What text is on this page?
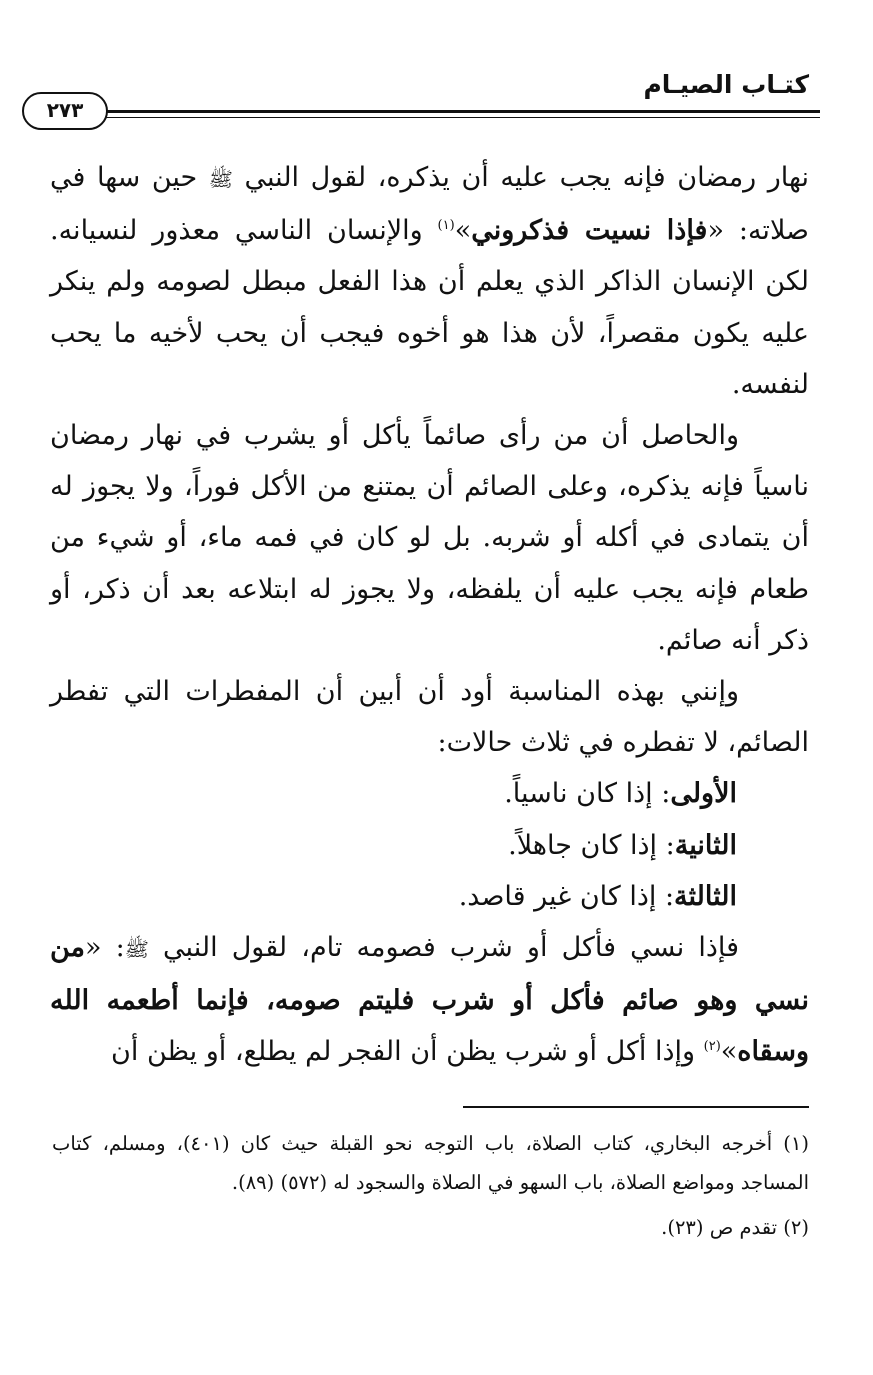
كتـاب الصيـام
٢٧٣

نهار رمضان فإنه يجب عليه أن يذكره، لقول النبي ﷺ حين سها في صلاته: «فإذا نسيت فذكروني»$^{(١)}$ والإنسان الناسي معذور لنسيانه. لكن الإنسان الذاكر الذي يعلم أن هذا الفعل مبطل لصومه ولم ينكر عليه يكون مقصراً، لأن هذا هو أخوه فيجب أن يحب لأخيه ما يحب لنفسه.

والحاصل أن من رأى صائماً يأكل أو يشرب في نهار رمضان ناسياً فإنه يذكره، وعلى الصائم أن يمتنع من الأكل فوراً، ولا يجوز له أن يتمادى في أكله أو شربه. بل لو كان في فمه ماء، أو شيء من طعام فإنه يجب عليه أن يلفظه، ولا يجوز له ابتلاعه بعد أن ذكر، أو ذكر أنه صائم.

وإنني بهذه المناسبة أود أن أبين أن المفطرات التي تفطر الصائم، لا تفطره في ثلاث حالات:

الأولى: إذا كان ناسياً.

الثانية: إذا كان جاهلاً.

الثالثة: إذا كان غير قاصد.

فإذا نسي فأكل أو شرب فصومه تام، لقول النبي ﷺ: «من نسي وهو صائم فأكل أو شرب فليتم صومه، فإنما أطعمه الله وسقاه»$^{(٢)}$ وإذا أكل أو شرب يظن أن الفجر لم يطلع، أو يظن أن

(١) أخرجه البخاري، كتاب الصلاة، باب التوجه نحو القبلة حيث كان (٤٠١)، ومسلم، كتاب المساجد ومواضع الصلاة، باب السهو في الصلاة والسجود له (٥٧٢) (٨٩).

(٢) تقدم ص (٢٣).
